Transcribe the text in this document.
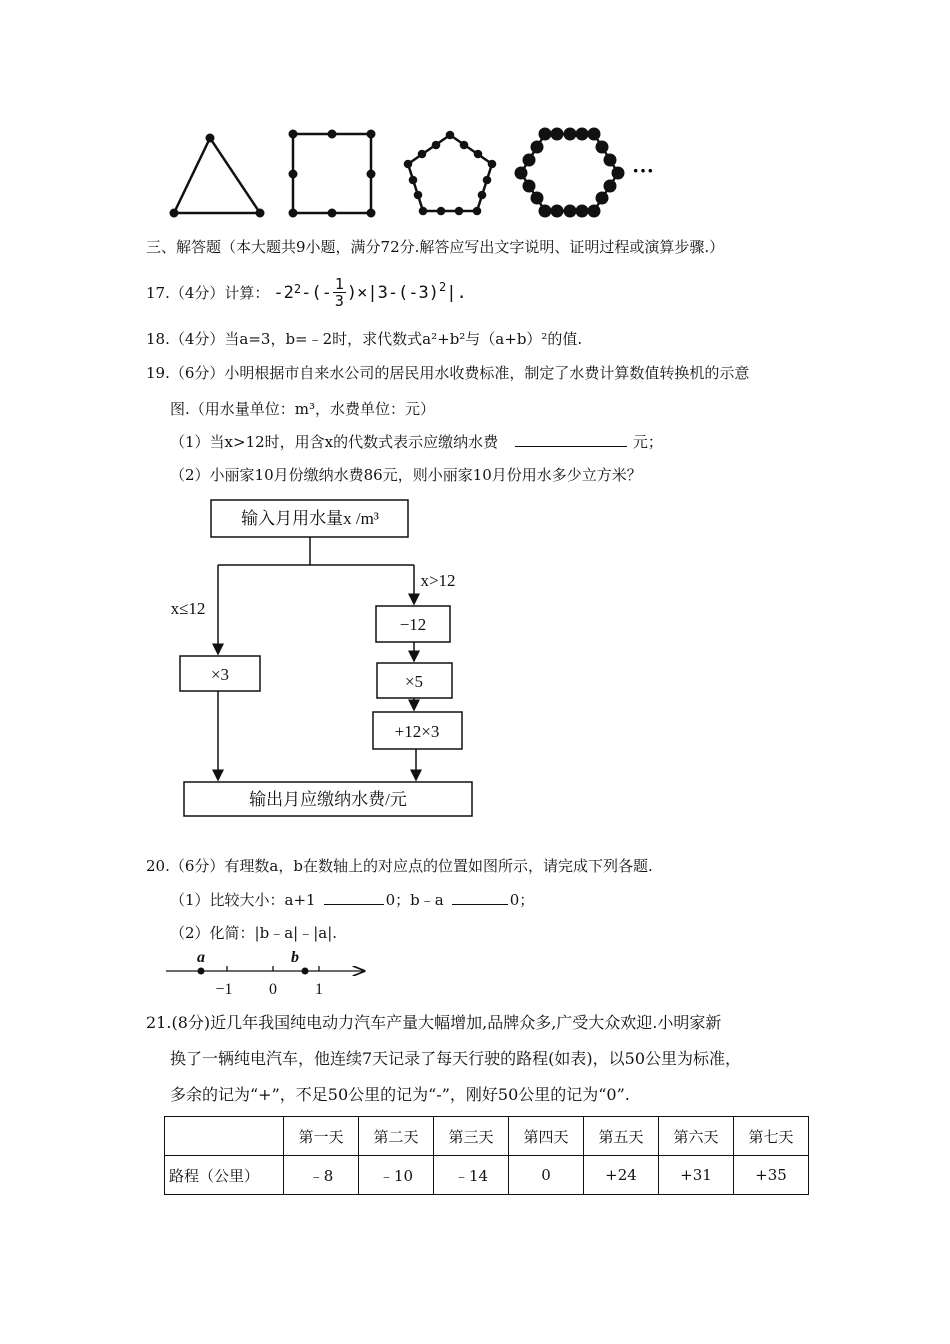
···
三、解答题（本大题共9小题，满分72分.解答应写出文字说明、证明过程或演算步骤.）
17.（4分）计算： $-2^2$ -(- 1
3 )$\times|3-(-3)^2$ |.
18.（4分）当a=3，b=﹣2时，求代数式a²+b²与（a+b）²的值.
19.（6分）小明根据市自来水公司的居民用水收费标准，制定了水费计算数值转换机的示意
图.（用水量单位：m³，水费单位：元）
（1）当x>12时，用含x的代数式表示应缴纳水费	元；
（2）小丽家10月份缴纳水费86元，则小丽家10月份用水多少立方米？
输入月用水量x /m³
x≤12
x>12
×3
−12
×5
+12×3
输出月应缴纳水费/元
20.（6分）有理数a，b在数轴上的对应点的位置如图所示，请完成下列各题.
（1）比较大小：a+1	0；b﹣a	0；
（2）化简：|b﹣a|﹣|a|.
a	b
−1 0 1
21.(8分)近几年我国纯电动力汽车产量大幅增加,品牌众多,广受大众欢迎.小明家新
换了一辆纯电汽车，他连续7天记录了每天行驶的路程(如表)，以50公里为标准，
多余的记为“+”，不足50公里的记为“-”，刚好50公里的记为“0”.
	第一天	第二天	第三天	第四天	第五天	第六天	第七天
路程（公里）	﹣8	﹣10	﹣14	0	+24	+31	+35
